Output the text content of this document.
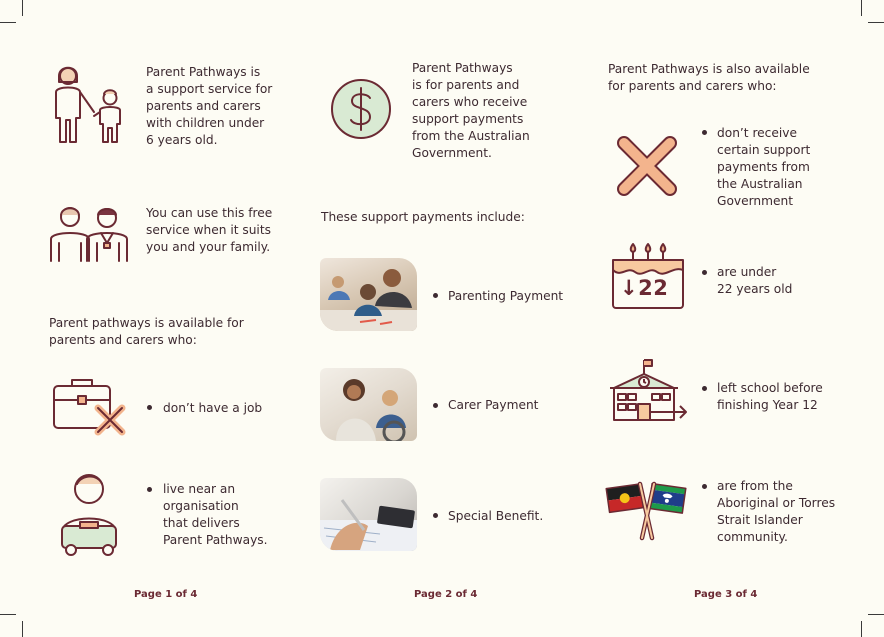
Parent Pathways is
a support service for
parents and carers
with children under
6 years old.
You can use this free
service when it suits
you and your family.
Parent pathways is available for
parents and carers who:
don’t have a job
live near an
organisation
that delivers
Parent Pathways.
Page 1 of 4
Parent Pathways
is for parents and
carers who receive
support payments
from the Australian
Government.
These support payments include:
Parenting Payment
Carer Payment
Special Benefit.
Page 2 of 4
Parent Pathways is also available
for parents and carers who:
don’t receive
certain support
payments from
the Australian
Government
↓22
are under
22 years old
left school before
finishing Year 12
are from the
Aboriginal or Torres
Strait Islander
community.
Page 3 of 4
